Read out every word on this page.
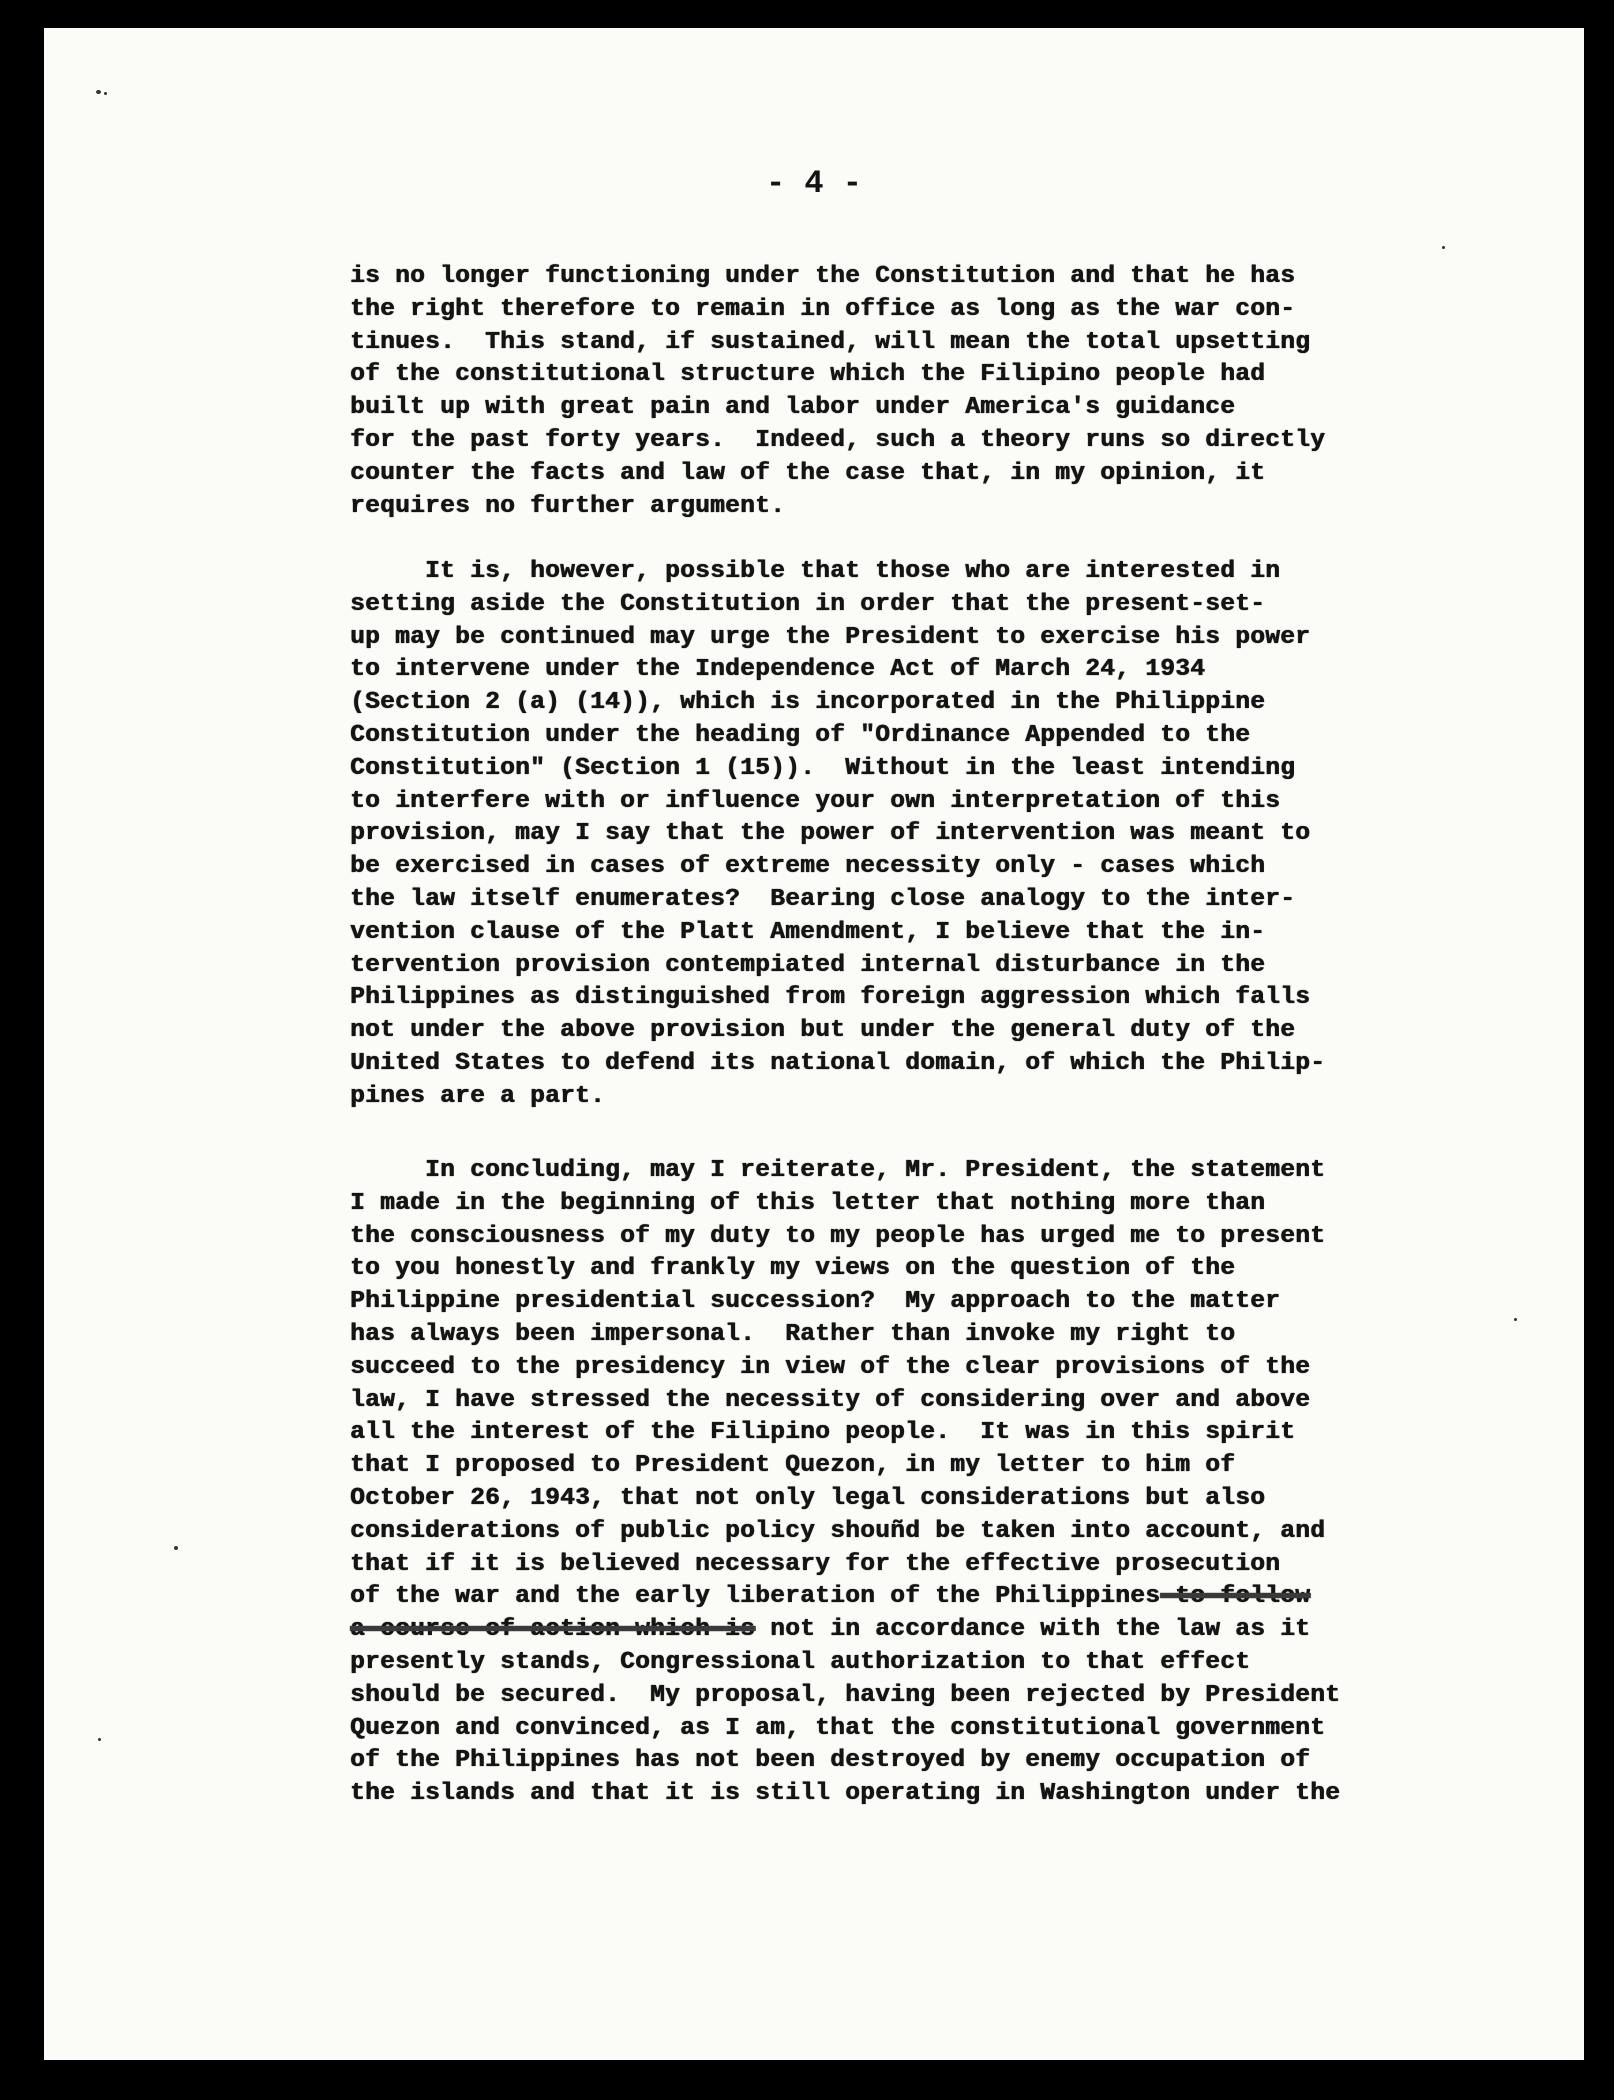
- 4 -

is no longer functioning under the Constitution and that he has
the right therefore to remain in office as long as the war con-
tinues.  This stand, if sustained, will mean the total upsetting
of the constitutional structure which the Filipino people had
built up with great pain and labor under America's guidance
for the past forty years.  Indeed, such a theory runs so directly
counter the facts and law of the case that, in my opinion, it
requires no further argument.

It is, however, possible that those who are interested in
setting aside the Constitution in order that the present-set-
up may be continued may urge the President to exercise his power
to intervene under the Independence Act of March 24, 1934
(Section 2 (a) (14)), which is incorporated in the Philippine
Constitution under the heading of "Ordinance Appended to the
Constitution" (Section 1 (15)).  Without in the least intending
to interfere with or influence your own interpretation of this
provision, may I say that the power of intervention was meant to
be exercised in cases of extreme necessity only - cases which
the law itself enumerates?  Bearing close analogy to the inter-
vention clause of the Platt Amendment, I believe that the in-
tervention provision contempiated internal disturbance in the
Philippines as distinguished from foreign aggression which falls
not under the above provision but under the general duty of the
United States to defend its national domain, of which the Philip-
pines are a part.

In concluding, may I reiterate, Mr. President, the statement
I made in the beginning of this letter that nothing more than
the consciousness of my duty to my people has urged me to present
to you honestly and frankly my views on the question of the
Philippine presidential succession?  My approach to the matter
has always been impersonal.  Rather than invoke my right to
succeed to the presidency in view of the clear provisions of the
law, I have stressed the necessity of considering over and above
all the interest of the Filipino people.  It was in this spirit
that I proposed to President Quezon, in my letter to him of
October 26, 1943, that not only legal considerations but also
considerations of public policy shouñd be taken into account, and
that if it is believed necessary for the effective prosecution
of the war and the early liberation of the Philippines to follow
a course of action which is not in accordance with the law as it
presently stands, Congressional authorization to that effect
should be secured.  My proposal, having been rejected by President
Quezon and convinced, as I am, that the constitutional government
of the Philippines has not been destroyed by enemy occupation of
the islands and that it is still operating in Washington under the
